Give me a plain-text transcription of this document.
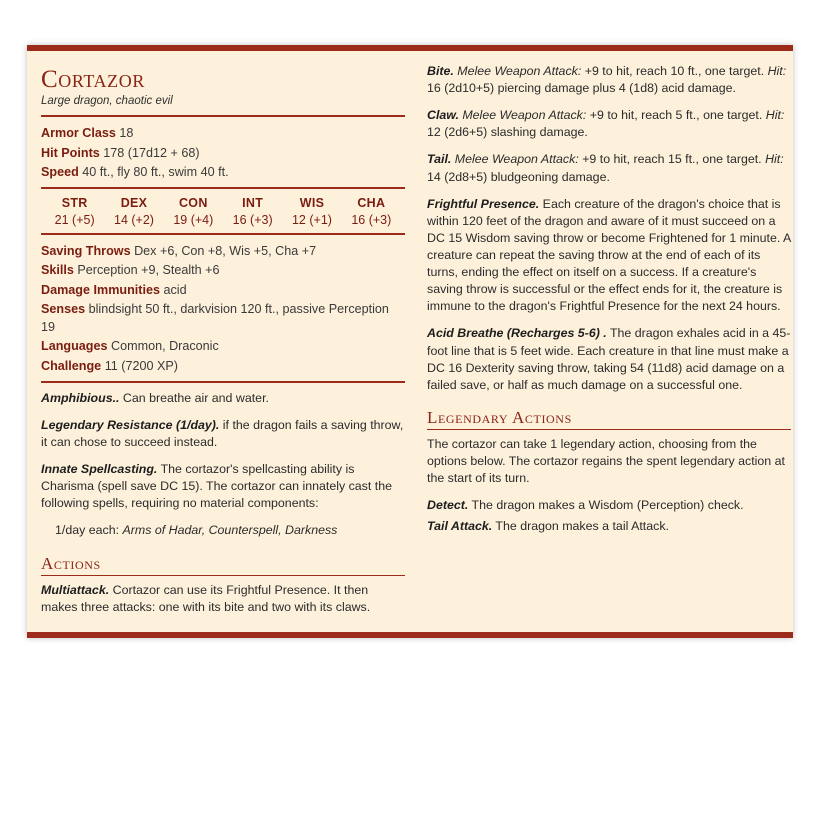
Cortazor
Large dragon, chaotic evil
Armor Class 18
Hit Points 178 (17d12 + 68)
Speed 40 ft., fly 80 ft., swim 40 ft.
STR
21 (+5)
DEX
14 (+2)
CON
19 (+4)
INT
16 (+3)
WIS
12 (+1)
CHA
16 (+3)
Saving Throws Dex +6, Con +8, Wis +5, Cha +7
Skills Perception +9, Stealth +6
Damage Immunities acid
Senses blindsight 50 ft., darkvision 120 ft., passive Perception 19
Languages Common, Draconic
Challenge 11 (7200 XP)
Amphibious.. Can breathe air and water.
Legendary Resistance (1/day). if the dragon fails a saving throw, it can chose to succeed instead.
Innate Spellcasting. The cortazor's spellcasting ability is Charisma (spell save DC 15). The cortazor can innately cast the following spells, requiring no material components:
1/day each: Arms of Hadar, Counterspell, Darkness
Actions
Multiattack. Cortazor can use its Frightful Presence. It then makes three attacks: one with its bite and two with its claws.
Bite. Melee Weapon Attack: +9 to hit, reach 10 ft., one target. Hit: 16 (2d10+5) piercing damage plus 4 (1d8) acid damage.
Claw. Melee Weapon Attack: +9 to hit, reach 5 ft., one target. Hit: 12 (2d6+5) slashing damage.
Tail. Melee Weapon Attack: +9 to hit, reach 15 ft., one target. Hit: 14 (2d8+5) bludgeoning damage.
Frightful Presence. Each creature of the dragon's choice that is within 120 feet of the dragon and aware of it must succeed on a DC 15 Wisdom saving throw or become Frightened for 1 minute. A creature can repeat the saving throw at the end of each of its turns, ending the effect on itself on a success. If a creature's saving throw is successful or the effect ends for it, the creature is immune to the dragon's Frightful Presence for the next 24 hours.
Acid Breathe (Recharges 5-6) . The dragon exhales acid in a 45-foot line that is 5 feet wide. Each creature in that line must make a DC 16 Dexterity saving throw, taking 54 (11d8) acid damage on a failed save, or half as much damage on a successful one.
Legendary Actions
The cortazor can take 1 legendary action, choosing from the options below. The cortazor regains the spent legendary action at the start of its turn.
Detect. The dragon makes a Wisdom (Perception) check.
Tail Attack. The dragon makes a tail Attack.
